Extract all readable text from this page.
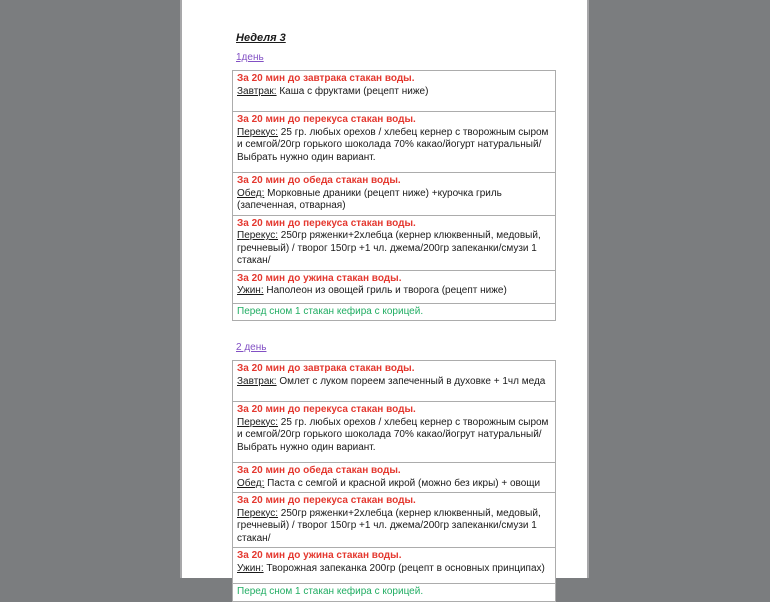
Неделя 3

1день
За 20 мин до завтрака стакан воды.
Завтрак: Каша с фруктами (рецепт ниже)
За 20 мин до перекуса стакан воды.
Перекус: 25 гр. любых орехов / хлебец кернер с творожным сыром и семгой/20гр горького шоколада 70% какао/йогурт натуральный/ Выбрать нужно один вариант.
За 20 мин до обеда стакан воды.
Обед: Морковные драники (рецепт ниже) +курочка гриль (запеченная, отварная)
За 20 мин до перекуса стакан воды.
Перекус: 250гр ряженки+2хлебца (кернер клюквенный, медовый, гречневый) / творог 150гр +1 чл. джема/200гр запеканки/смузи 1 стакан/
За 20 мин до ужина стакан воды.
Ужин: Наполеон из овощей гриль и творога (рецепт ниже)
Перед сном 1 стакан кефира с корицей.
2 день
За 20 мин до завтрака стакан воды.
Завтрак: Омлет с луком пореем запеченный в духовке + 1чл меда
За 20 мин до перекуса стакан воды.
Перекус: 25 гр. любых орехов / хлебец кернер с творожным сыром и семгой/20гр горького шоколада 70% какао/йогрут натуральный/ Выбрать нужно один вариант.
За 20 мин до обеда стакан воды.
Обед: Паста с семгой и красной икрой (можно без икры) + овощи
За 20 мин до перекуса стакан воды.
Перекус: 250гр ряженки+2хлебца (кернер клюквенный, медовый, гречневый) / творог 150гр +1 чл. джема/200гр запеканки/смузи 1 стакан/
За 20 мин до ужина стакан воды.
Ужин: Творожная запеканка 200гр (рецепт в основных принципах)
Перед сном 1 стакан кефира с корицей.
